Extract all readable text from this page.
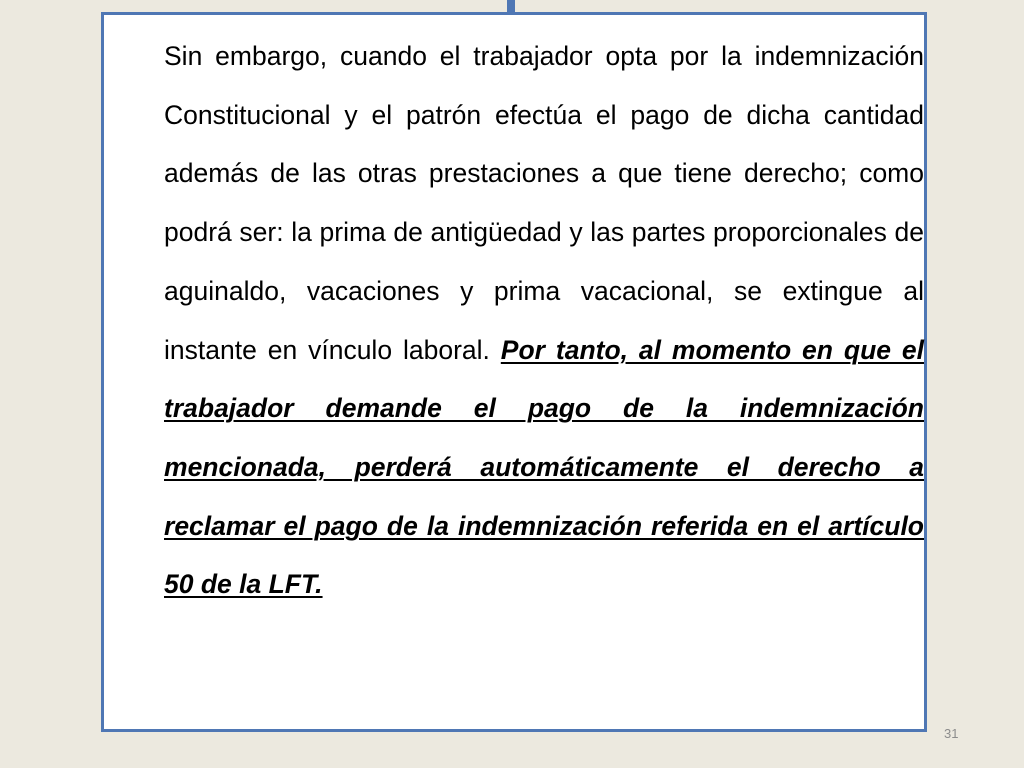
Sin embargo, cuando el trabajador opta por la indemnización Constitucional y el patrón efectúa el pago de dicha cantidad además de las otras prestaciones a que tiene derecho; como podrá ser: la prima de antigüedad y las partes proporcionales de aguinaldo, vacaciones y prima vacacional, se extingue al instante en vínculo laboral. Por tanto, al momento en que el trabajador demande el pago de la indemnización mencionada, perderá automáticamente el derecho a reclamar el pago de la indemnización referida en el artículo 50 de la LFT.

31
